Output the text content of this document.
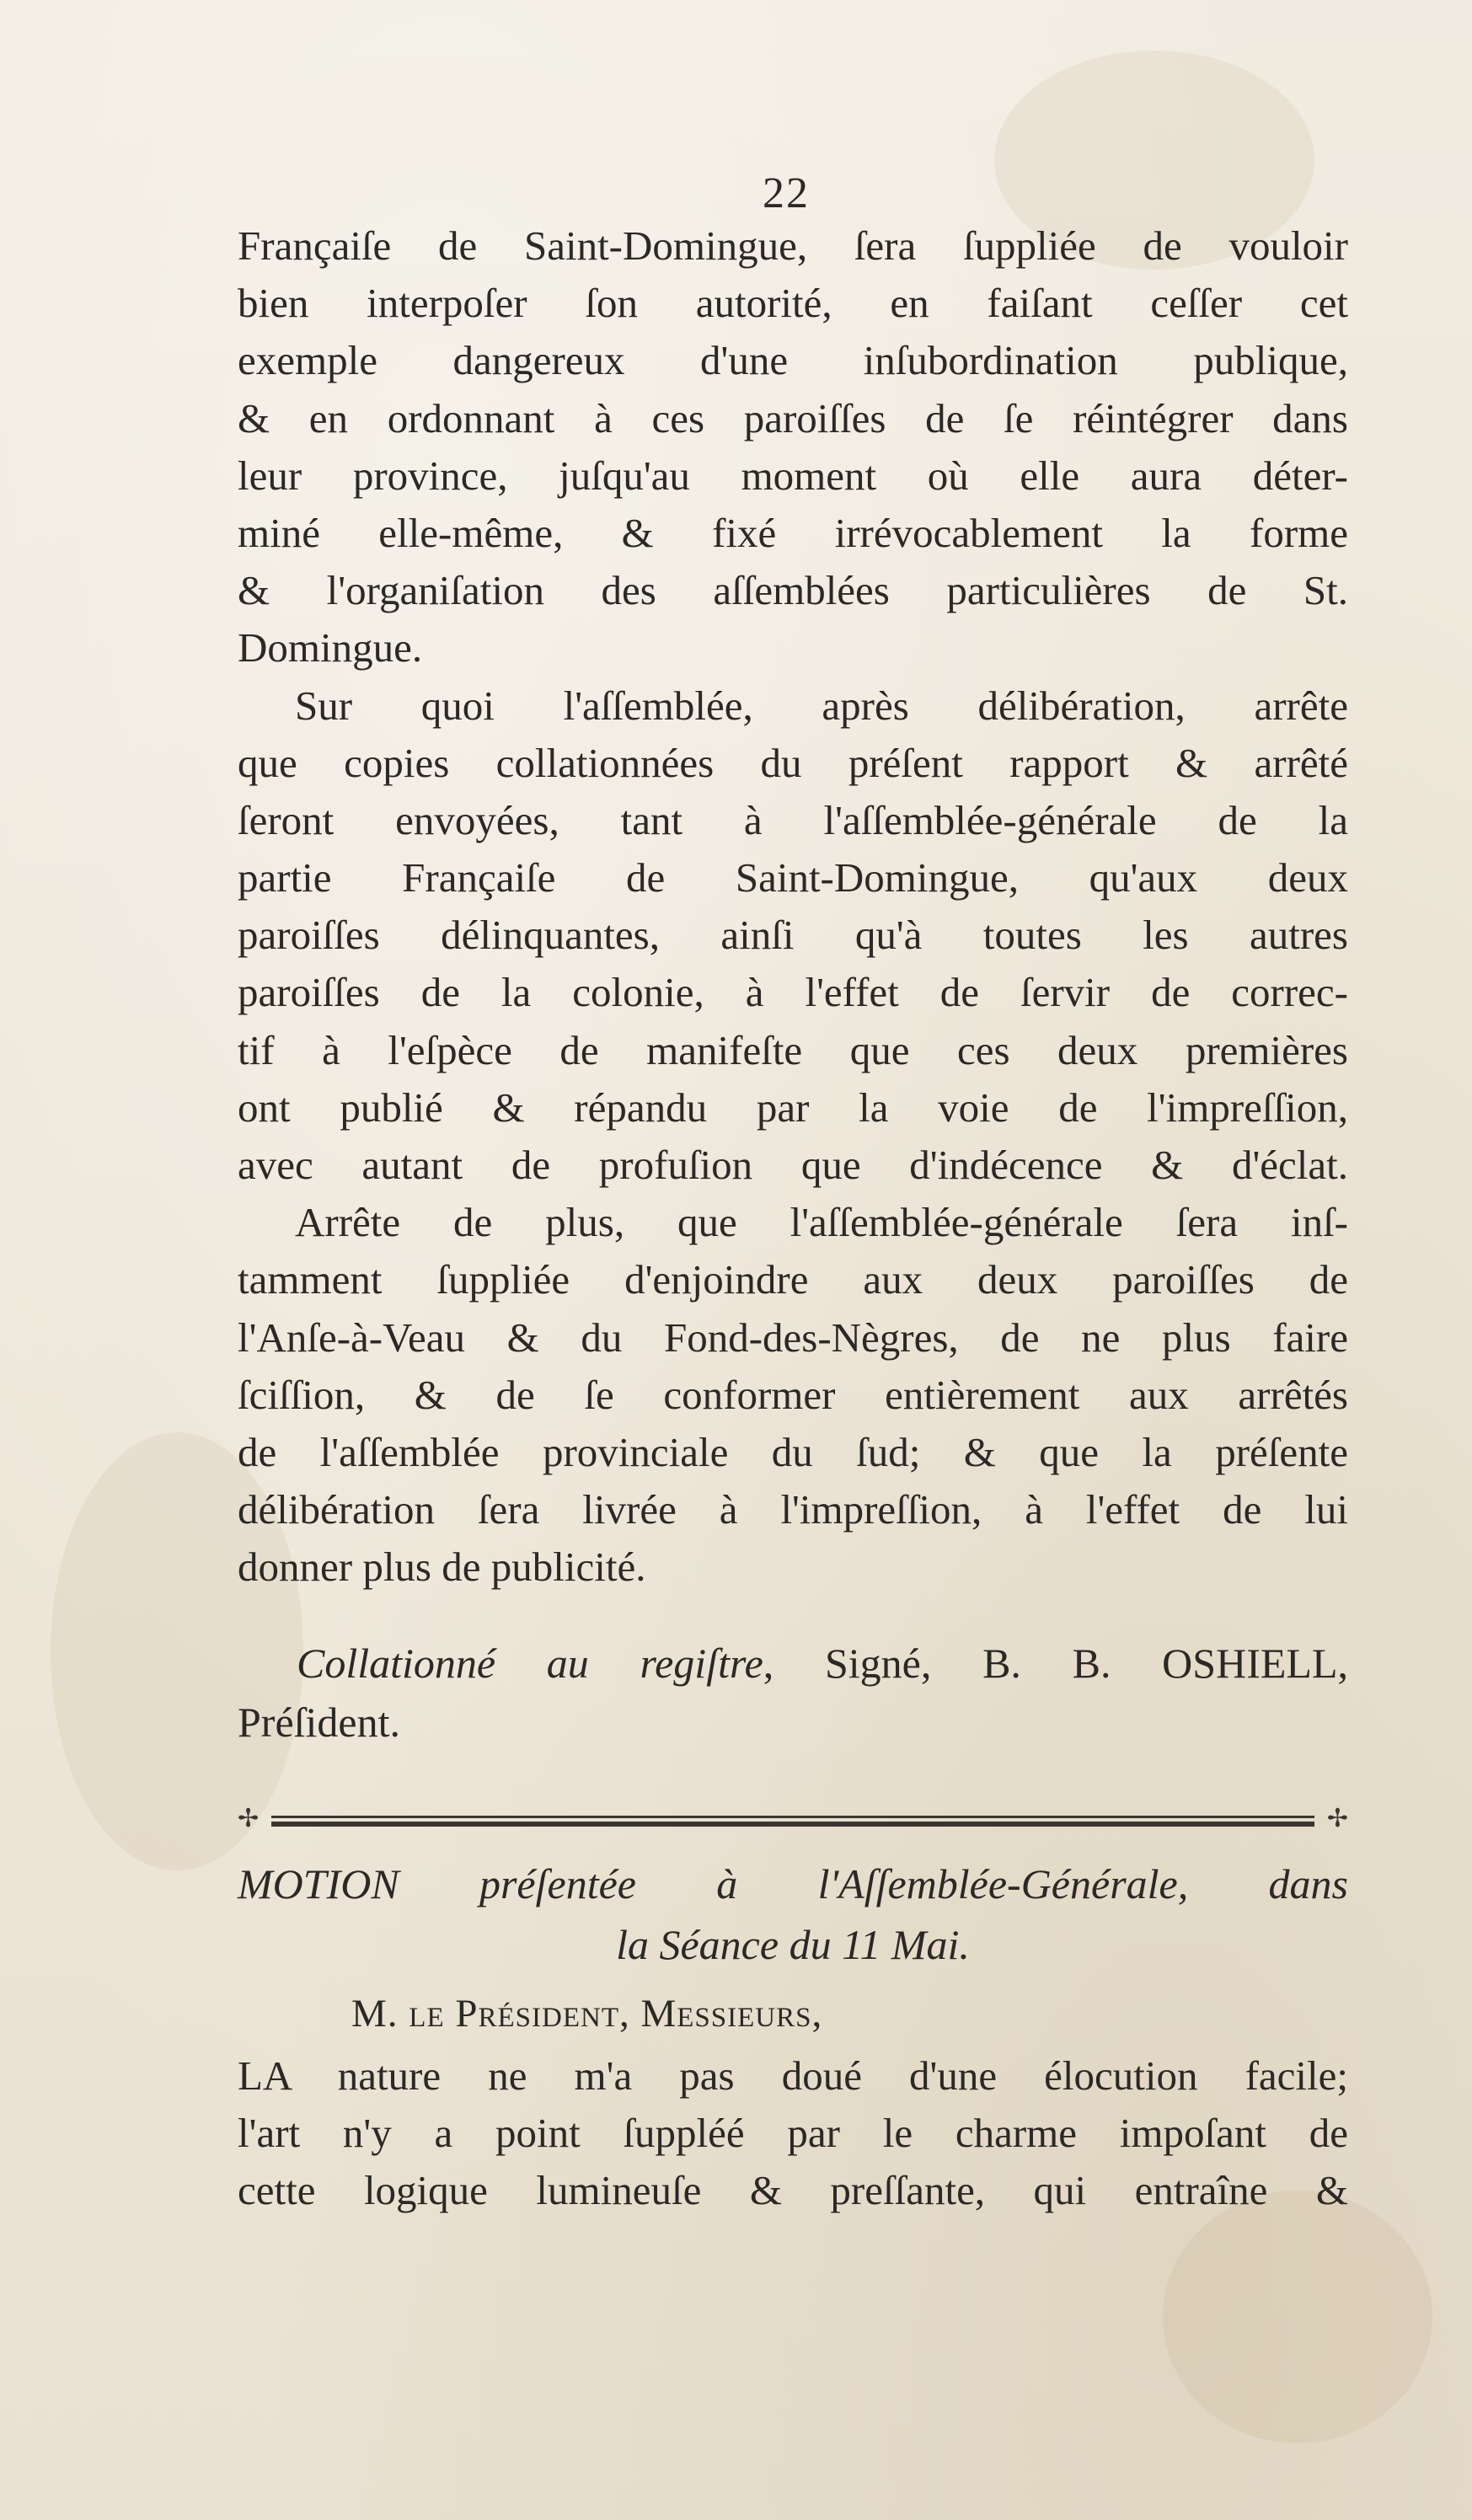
22
Françaiſe de Saint-Domingue, ſera ſuppliée de vouloir
bien interpoſer ſon autorité, en faiſant ceſſer cet
exemple dangereux d'une inſubordination publique,
& en ordonnant à ces paroiſſes de ſe réintégrer dans
leur province, juſqu'au moment où elle aura déter-
miné elle-même, & fixé irrévocablement la forme
& l'organiſation des aſſemblées particulières de St.
Domingue.
Sur quoi l'aſſemblée, après délibération, arrête
que copies collationnées du préſent rapport & arrêté
ſeront envoyées, tant à l'aſſemblée-générale de la
partie Françaiſe de Saint-Domingue, qu'aux deux
paroiſſes délinquantes, ainſi qu'à toutes les autres
paroiſſes de la colonie, à l'effet de ſervir de correc-
tif à l'eſpèce de manifeſte que ces deux premières
ont publié & répandu par la voie de l'impreſſion,
avec autant de profuſion que d'indécence & d'éclat.
Arrête de plus, que l'aſſemblée-générale ſera inſ-
tamment ſuppliée d'enjoindre aux deux paroiſſes de
l'Anſe-à-Veau & du Fond-des-Nègres, de ne plus faire
ſciſſion, & de ſe conformer entièrement aux arrêtés
de l'aſſemblée provinciale du ſud; & que la préſente
délibération ſera livrée à l'impreſſion, à l'effet de lui
donner plus de publicité.
Collationné au regiſtre, Signé, B. B. OSHIELL,
Préſident.
✢	✢
MOTION préſentée à l'Aſſemblée-Générale, dans
la Séance du 11 Mai.
M. le Président, Messieurs,
LA nature ne m'a pas doué d'une élocution facile;
l'art n'y a point ſuppléé par le charme impoſant de
cette logique lumineuſe & preſſante, qui entraîne &
